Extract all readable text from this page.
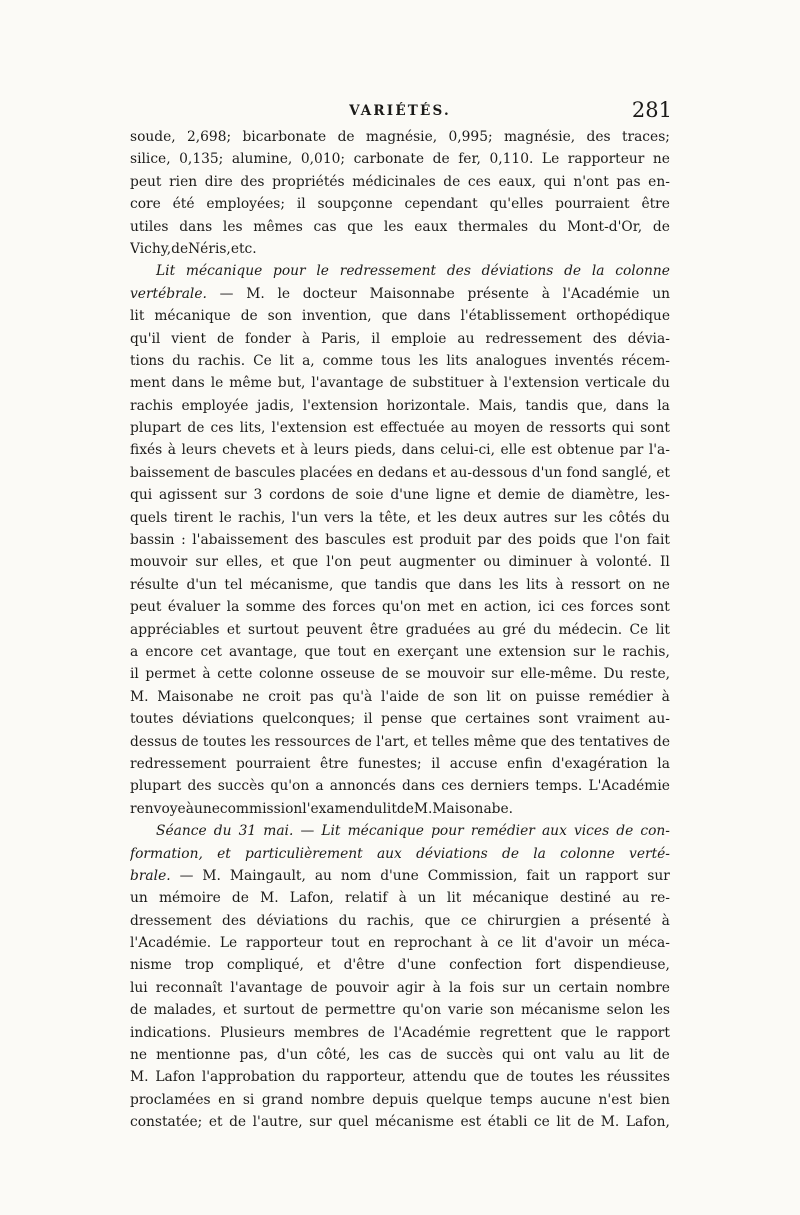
VARIÉTÉS.	281
soude, 2,698; bicarbonate de magnésie, 0,995; magnésie, des traces;
silice, 0,135; alumine, 0,010; carbonate de fer, 0,110. Le rapporteur ne
peut rien dire des propriétés médicinales de ces eaux, qui n'ont pas en-
core été employées; il soupçonne cependant qu'elles pourraient être
utiles dans les mêmes cas que les eaux thermales du Mont-d'Or, de
Vichy, de Néris, etc.
Lit mécanique pour le redressement des déviations de la colonne
vertébrale. — M. le docteur Maisonnabe présente à l'Académie un
lit mécanique de son invention, que dans l'établissement orthopédique
qu'il vient de fonder à Paris, il emploie au redressement des dévia-
tions du rachis. Ce lit a, comme tous les lits analogues inventés récem-
ment dans le même but, l'avantage de substituer à l'extension verticale du
rachis employée jadis, l'extension horizontale. Mais, tandis que, dans la
plupart de ces lits, l'extension est effectuée au moyen de ressorts qui sont
fixés à leurs chevets et à leurs pieds, dans celui-ci, elle est obtenue par l'a-
baissement de bascules placées en dedans et au-dessous d'un fond sanglé, et
qui agissent sur 3 cordons de soie d'une ligne et demie de diamètre, les-
quels tirent le rachis, l'un vers la tête, et les deux autres sur les côtés du
bassin : l'abaissement des bascules est produit par des poids que l'on fait
mouvoir sur elles, et que l'on peut augmenter ou diminuer à volonté. Il
résulte d'un tel mécanisme, que tandis que dans les lits à ressort on ne
peut évaluer la somme des forces qu'on met en action, ici ces forces sont
appréciables et surtout peuvent être graduées au gré du médecin. Ce lit
a encore cet avantage, que tout en exerçant une extension sur le rachis,
il permet à cette colonne osseuse de se mouvoir sur elle-même. Du reste,
M. Maisonabe ne croit pas qu'à l'aide de son lit on puisse remédier à
toutes déviations quelconques; il pense que certaines sont vraiment au-
dessus de toutes les ressources de l'art, et telles même que des tentatives de
redressement pourraient être funestes; il accuse enfin d'exagération la
plupart des succès qu'on a annoncés dans ces derniers temps. L'Académie
renvoye à une commission l'examen du lit de M. Maisonabe.
Séance du 31 mai. — Lit mécanique pour remédier aux vices de con-
formation, et particulièrement aux déviations de la colonne verté-
brale. — M. Maingault, au nom d'une Commission, fait un rapport sur
un mémoire de M. Lafon, relatif à un lit mécanique destiné au re-
dressement des déviations du rachis, que ce chirurgien a présenté à
l'Académie. Le rapporteur tout en reprochant à ce lit d'avoir un méca-
nisme trop compliqué, et d'être d'une confection fort dispendieuse,
lui reconnaît l'avantage de pouvoir agir à la fois sur un certain nombre
de malades, et surtout de permettre qu'on varie son mécanisme selon les
indications. Plusieurs membres de l'Académie regrettent que le rapport
ne mentionne pas, d'un côté, les cas de succès qui ont valu au lit de
M. Lafon l'approbation du rapporteur, attendu que de toutes les réussites
proclamées en si grand nombre depuis quelque temps aucune n'est bien
constatée; et de l'autre, sur quel mécanisme est établi ce lit de M. Lafon,
